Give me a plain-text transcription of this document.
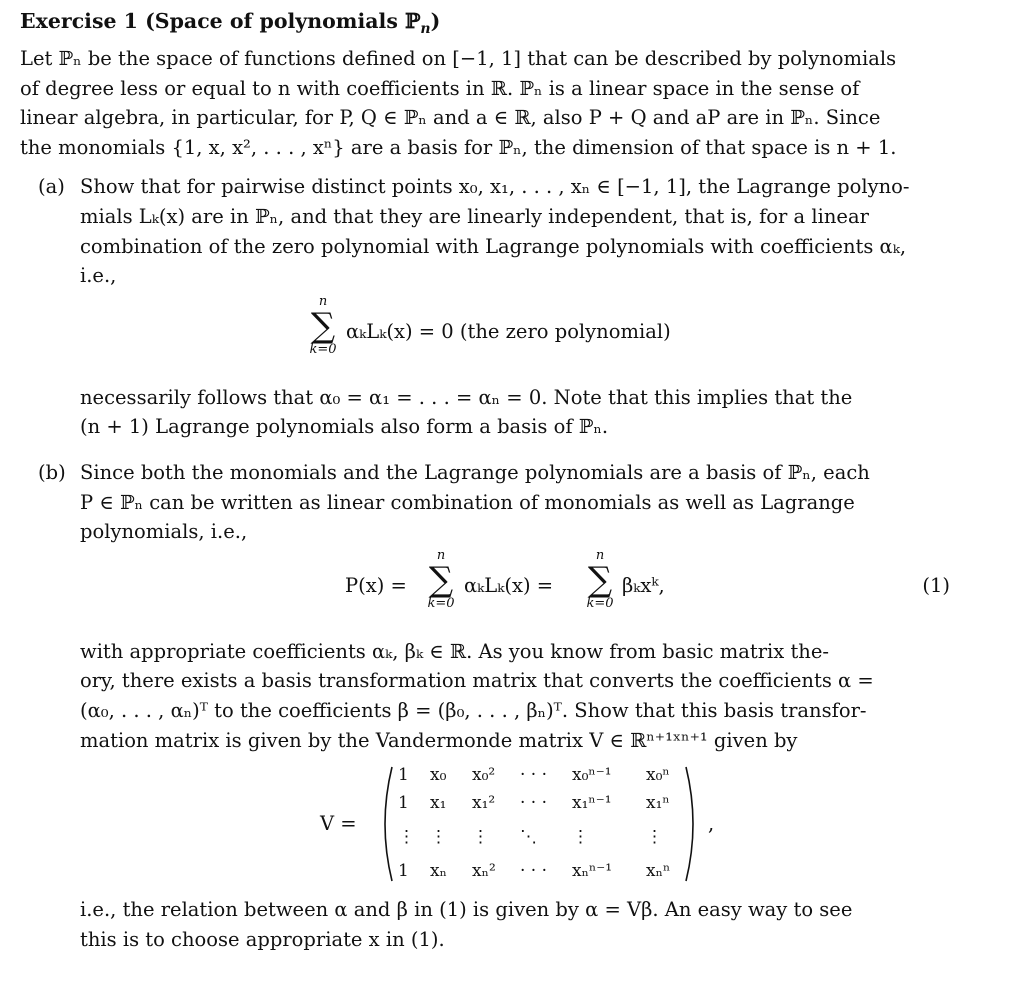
Exercise 1 (Space of polynomials ℙ$_n$)
Let ℙₙ be the space of functions defined on [−1, 1] that can be described by polynomials
of degree less or equal to n with coefficients in ℝ. ℙₙ is a linear space in the sense of
linear algebra, in particular, for P, Q ∈ ℙₙ and a ∈ ℝ, also P + Q and aP are in ℙₙ. Since
the monomials {1, x, x², . . . , xⁿ} are a basis for ℙₙ, the dimension of that space is n + 1.
(a) Show that for pairwise distinct points x₀, x₁, . . . , xₙ ∈ [−1, 1], the Lagrange polyno-
mials Lₖ(x) are in ℙₙ, and that they are linearly independent, that is, for a linear
combination of the zero polynomial with Lagrange polynomials with coefficients αₖ,
i.e.,
n
∑
k=0
αₖLₖ(x) = 0 (the zero polynomial)
necessarily follows that α₀ = α₁ = . . . = αₙ = 0. Note that this implies that the
(n + 1) Lagrange polynomials also form a basis of ℙₙ.
(b) Since both the monomials and the Lagrange polynomials are a basis of ℙₙ, each
P ∈ ℙₙ can be written as linear combination of monomials as well as Lagrange
polynomials, i.e.,
P(x) =
n
∑
k=0
αₖLₖ(x) =
n
∑
k=0
βₖxᵏ,	(1)
with appropriate coefficients αₖ, βₖ ∈ ℝ. As you know from basic matrix the-
ory, there exists a basis transformation matrix that converts the coefficients α =
(α₀, . . . , αₙ)ᵀ to the coefficients β = (β₀, . . . , βₙ)ᵀ. Show that this basis transfor-
mation matrix is given by the Vandermonde matrix V ∈ ℝⁿ⁺¹ˣⁿ⁺¹ given by
V =
1 x₀ x₀² · · · x₀ⁿ⁻¹ x₀ⁿ
1 x₁ x₁² · · · x₁ⁿ⁻¹ x₁ⁿ
⋮ ⋮ ⋮ ⋱ ⋮	⋮
1 xₙ xₙ² · · · xₙⁿ⁻¹ xₙⁿ
,
i.e., the relation between α and β in (1) is given by α = Vβ. An easy way to see
this is to choose appropriate x in (1).
